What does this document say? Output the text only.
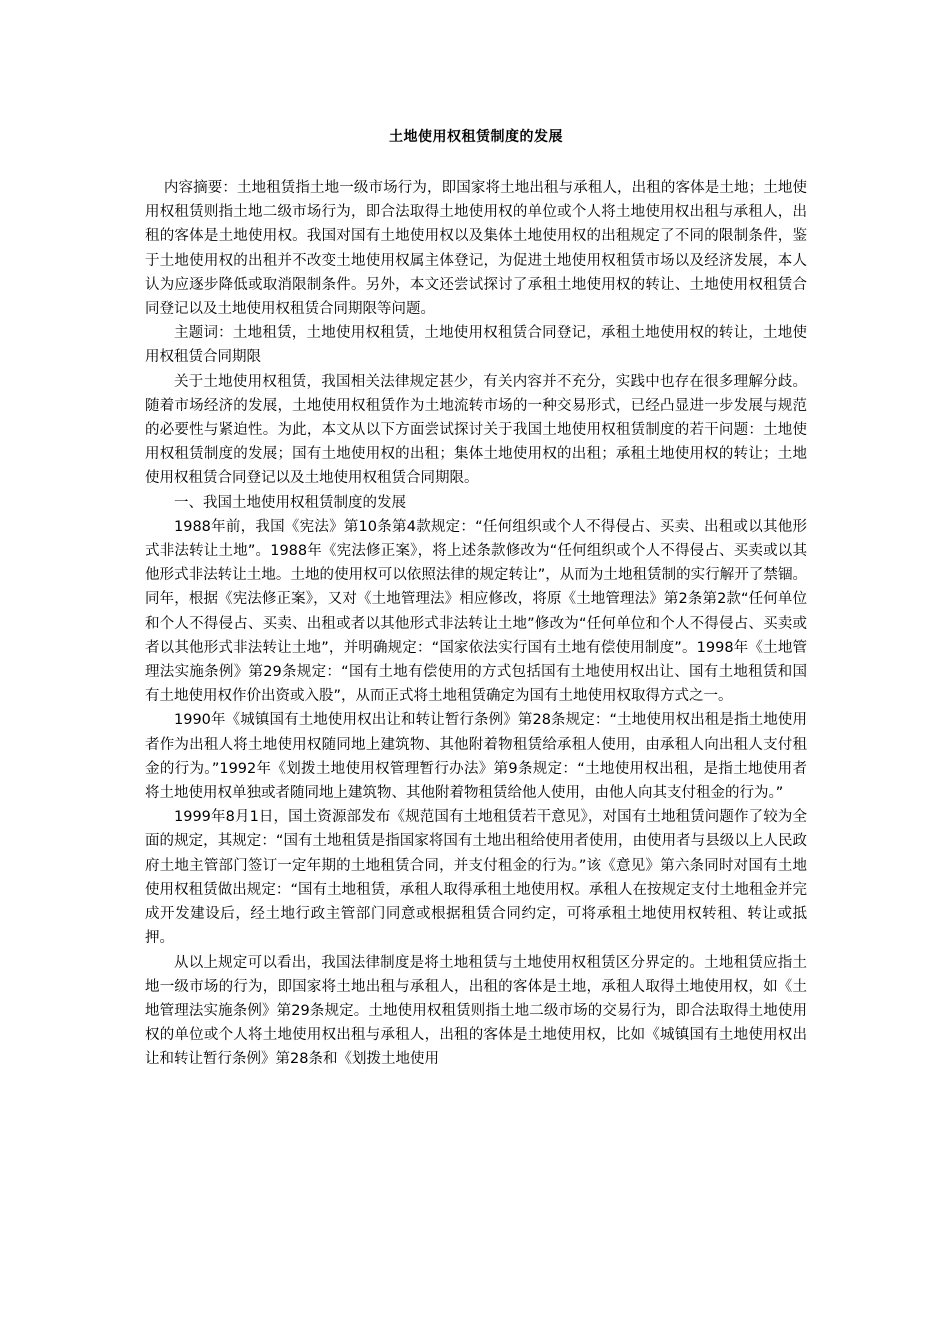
土地使用权租赁制度的发展

内容摘要：土地租赁指土地一级市场行为，即国家将土地出租与承租人，出租的客体是土地；土地使用权租赁则指土地二级市场行为，即合法取得土地使用权的单位或个人将土地使用权出租与承租人，出租的客体是土地使用权。我国对国有土地使用权以及集体土地使用权的出租规定了不同的限制条件，鉴于土地使用权的出租并不改变土地使用权属主体登记，为促进土地使用权租赁市场以及经济发展，本人认为应逐步降低或取消限制条件。另外，本文还尝试探讨了承租土地使用权的转让、土地使用权租赁合同登记以及土地使用权租赁合同期限等问题。

主题词：土地租赁，土地使用权租赁，土地使用权租赁合同登记，承租土地使用权的转让，土地使用权租赁合同期限

关于土地使用权租赁，我国相关法律规定甚少，有关内容并不充分，实践中也存在很多理解分歧。随着市场经济的发展，土地使用权租赁作为土地流转市场的一种交易形式，已经凸显进一步发展与规范的必要性与紧迫性。为此，本文从以下方面尝试探讨关于我国土地使用权租赁制度的若干问题：土地使用权租赁制度的发展；国有土地使用权的出租；集体土地使用权的出租；承租土地使用权的转让；土地使用权租赁合同登记以及土地使用权租赁合同期限。

一、我国土地使用权租赁制度的发展

1988年前，我国《宪法》第10条第4款规定：“任何组织或个人不得侵占、买卖、出租或以其他形式非法转让土地”。1988年《宪法修正案》，将上述条款修改为“任何组织或个人不得侵占、买卖或以其他形式非法转让土地。土地的使用权可以依照法律的规定转让”，从而为土地租赁制的实行解开了禁锢。同年，根据《宪法修正案》，又对《土地管理法》相应修改，将原《土地管理法》第2条第2款“任何单位和个人不得侵占、买卖、出租或者以其他形式非法转让土地”修改为“任何单位和个人不得侵占、买卖或者以其他形式非法转让土地”，并明确规定：“国家依法实行国有土地有偿使用制度”。1998年《土地管理法实施条例》第29条规定：“国有土地有偿使用的方式包括国有土地使用权出让、国有土地租赁和国有土地使用权作价出资或入股”，从而正式将土地租赁确定为国有土地使用权取得方式之一。

1990年《城镇国有土地使用权出让和转让暂行条例》第28条规定：“土地使用权出租是指土地使用者作为出租人将土地使用权随同地上建筑物、其他附着物租赁给承租人使用，由承租人向出租人支付租金的行为。”1992年《划拨土地使用权管理暂行办法》第9条规定：“土地使用权出租，是指土地使用者将土地使用权单独或者随同地上建筑物、其他附着物租赁给他人使用，由他人向其支付租金的行为。”

1999年8月1日，国土资源部发布《规范国有土地租赁若干意见》，对国有土地租赁问题作了较为全面的规定，其规定：“国有土地租赁是指国家将国有土地出租给使用者使用，由使用者与县级以上人民政府土地主管部门签订一定年期的土地租赁合同，并支付租金的行为。”该《意见》第六条同时对国有土地使用权租赁做出规定：“国有土地租赁，承租人取得承租土地使用权。承租人在按规定支付土地租金并完成开发建设后，经土地行政主管部门同意或根据租赁合同约定，可将承租土地使用权转租、转让或抵押。

从以上规定可以看出，我国法律制度是将土地租赁与土地使用权租赁区分界定的。土地租赁应指土地一级市场的行为，即国家将土地出租与承租人，出租的客体是土地，承租人取得土地使用权，如《土地管理法实施条例》第29条规定。土地使用权租赁则指土地二级市场的交易行为，即合法取得土地使用权的单位或个人将土地使用权出租与承租人，出租的客体是土地使用权，比如《城镇国有土地使用权出让和转让暂行条例》第28条和《划拨土地使用
